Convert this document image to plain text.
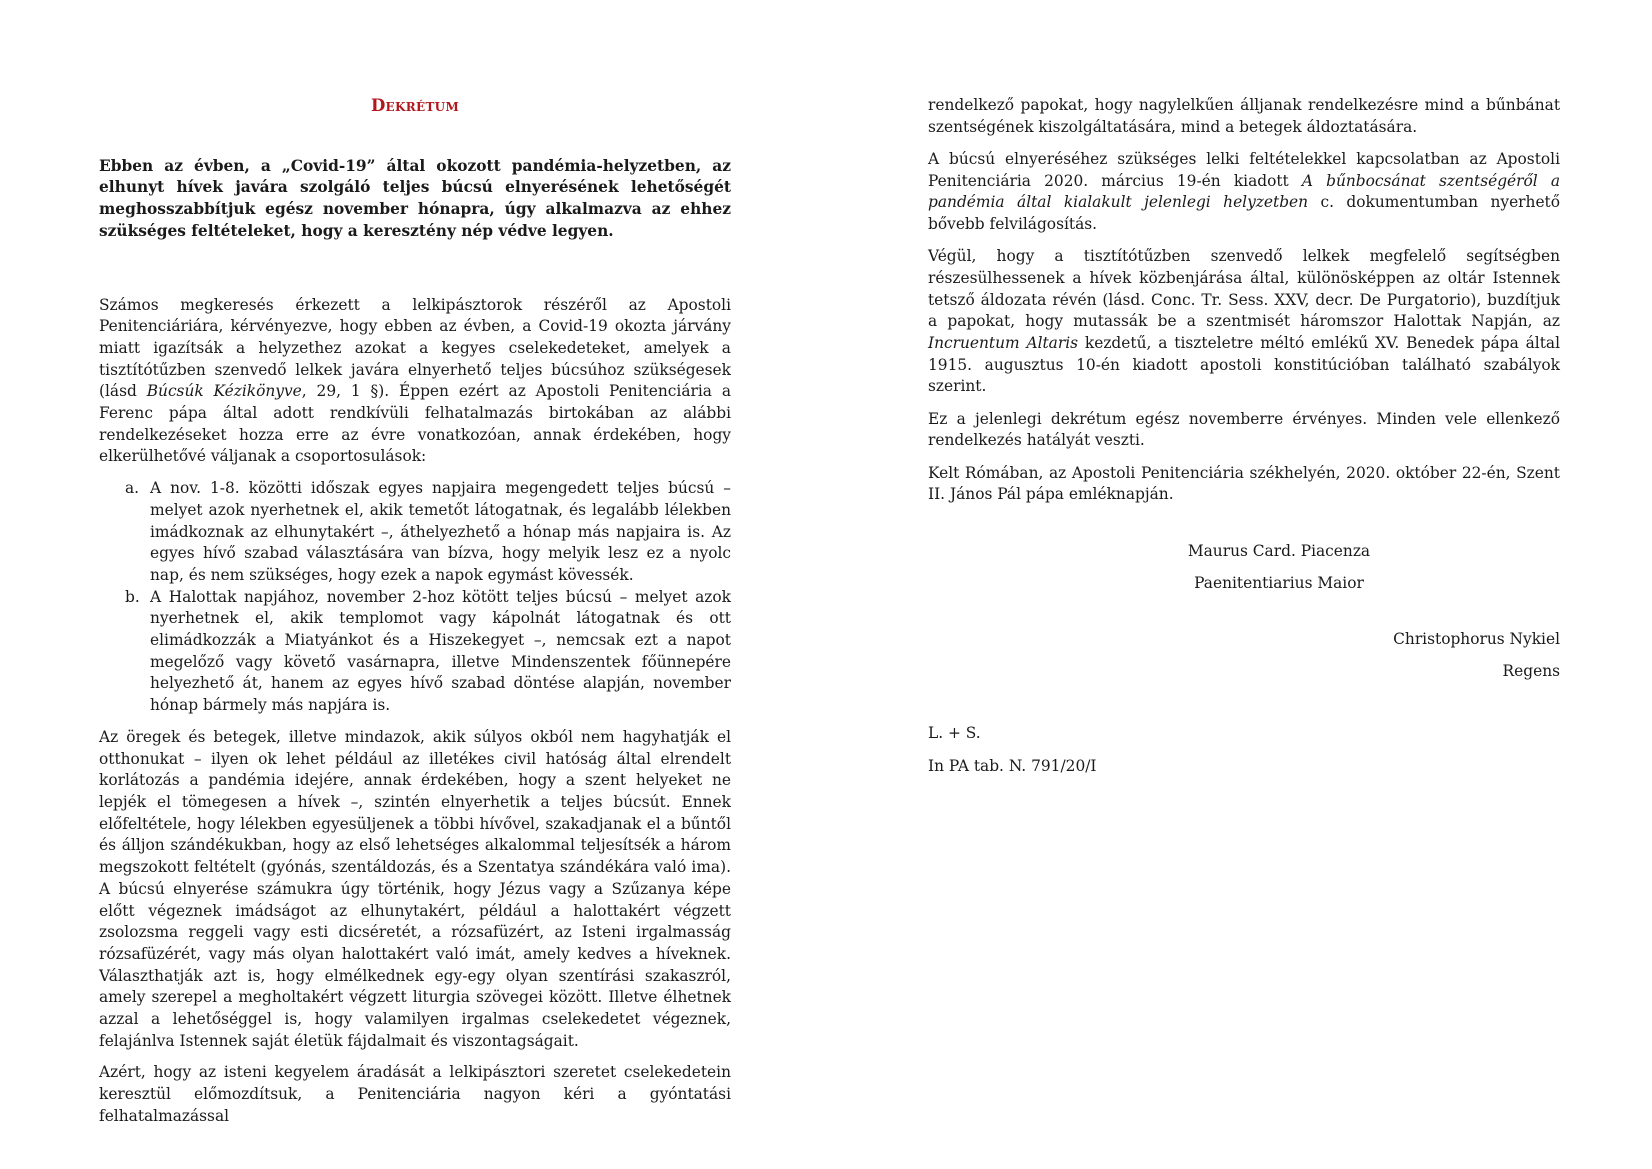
Dekrétum

Ebben az évben, a „Covid-19” által okozott pandémia-helyzetben, az elhunyt hívek javára szolgáló teljes búcsú elnyerésének lehetőségét meghosszabbítjuk egész november hónapra, úgy alkalmazva az ehhez szükséges feltételeket, hogy a keresztény nép védve legyen.

Számos megkeresés érkezett a lelkipásztorok részéről az Apostoli Penitenciáriára, kérvényezve, hogy ebben az évben, a Covid-19 okozta járvány miatt igazítsák a helyzethez azokat a kegyes cselekedeteket, amelyek a tisztítótűzben szenvedő lelkek javára elnyerhető teljes búcsúhoz szükségesek (lásd Búcsúk Kézikönyve, 29, 1 §). Éppen ezért az Apostoli Penitenciária a Ferenc pápa által adott rendkívüli felhatalmazás birtokában az alábbi rendelkezéseket hozza erre az évre vonatkozóan, annak érdekében, hogy elkerülhetővé váljanak a csoportosulások:

a. A nov. 1-8. közötti időszak egyes napjaira megengedett teljes búcsú – melyet azok nyerhetnek el, akik temetőt látogatnak, és legalább lélekben imádkoznak az elhunytakért –, áthelyezhető a hónap más napjaira is. Az egyes hívő szabad választására van bízva, hogy melyik lesz ez a nyolc nap, és nem szükséges, hogy ezek a napok egymást kövessék.
b. A Halottak napjához, november 2-hoz kötött teljes búcsú – melyet azok nyerhetnek el, akik templomot vagy kápolnát látogatnak és ott elimádkozzák a Miatyánkot és a Hiszekegyet –, nemcsak ezt a napot megelőző vagy követő vasárnapra, illetve Mindenszentek főünnepére helyezhető át, hanem az egyes hívő szabad döntése alapján, november hónap bármely más napjára is.

Az öregek és betegek, illetve mindazok, akik súlyos okból nem hagyhatják el otthonukat – ilyen ok lehet például az illetékes civil hatóság által elrendelt korlátozás a pandémia idejére, annak érdekében, hogy a szent helyeket ne lepjék el tömegesen a hívek –, szintén elnyerhetik a teljes búcsút. Ennek előfeltétele, hogy lélekben egyesüljenek a többi hívővel, szakadjanak el a bűntől és álljon szándékukban, hogy az első lehetséges alkalommal teljesítsék a három megszokott feltételt (gyónás, szentáldozás, és a Szentatya szándékára való ima). A búcsú elnyerése számukra úgy történik, hogy Jézus vagy a Szűzanya képe előtt végeznek imádságot az elhunytakért, például a halottakért végzett zsolozsma reggeli vagy esti dicséretét, a rózsafüzért, az Isteni irgalmasság rózsafüzérét, vagy más olyan halottakért való imát, amely kedves a híveknek. Választhatják azt is, hogy elmélkednek egy-egy olyan szentírási szakaszról, amely szerepel a megholtakért végzett liturgia szövegei között. Illetve élhetnek azzal a lehetőséggel is, hogy valamilyen irgalmas cselekedetet végeznek, felajánlva Istennek saját életük fájdalmait és viszontagságait.

Azért, hogy az isteni kegyelem áradását a lelkipásztori szeretet cselekedetein keresztül előmozdítsuk, a Penitenciária nagyon kéri a gyóntatási felhatalmazással

rendelkező papokat, hogy nagylelkűen álljanak rendelkezésre mind a bűnbánat szentségének kiszolgáltatására, mind a betegek áldoztatására.

A búcsú elnyeréséhez szükséges lelki feltételekkel kapcsolatban az Apostoli Penitenciária 2020. március 19-én kiadott A bűnbocsánat szentségéről a pandémia által kialakult jelenlegi helyzetben c. dokumentumban nyerhető bővebb felvilágosítás.

Végül, hogy a tisztítótűzben szenvedő lelkek megfelelő segítségben részesülhessenek a hívek közbenjárása által, különösképpen az oltár Istennek tetsző áldozata révén (lásd. Conc. Tr. Sess. XXV, decr. De Purgatorio), buzdítjuk a papokat, hogy mutassák be a szentmisét háromszor Halottak Napján, az Incruentum Altaris kezdetű, a tiszteletre méltó emlékű XV. Benedek pápa által 1915. augusztus 10-én kiadott apostoli konstitúcióban található szabályok szerint.

Ez a jelenlegi dekrétum egész novemberre érvényes. Minden vele ellenkező rendelkezés hatályát veszti.

Kelt Rómában, az Apostoli Penitenciária székhelyén, 2020. október 22-én, Szent II. János Pál pápa emléknapján.

Maurus Card. Piacenza
Paenitentiarius Maior
Christophorus Nykiel
Regens
L. + S.
In PA tab. N. 791/20/I
